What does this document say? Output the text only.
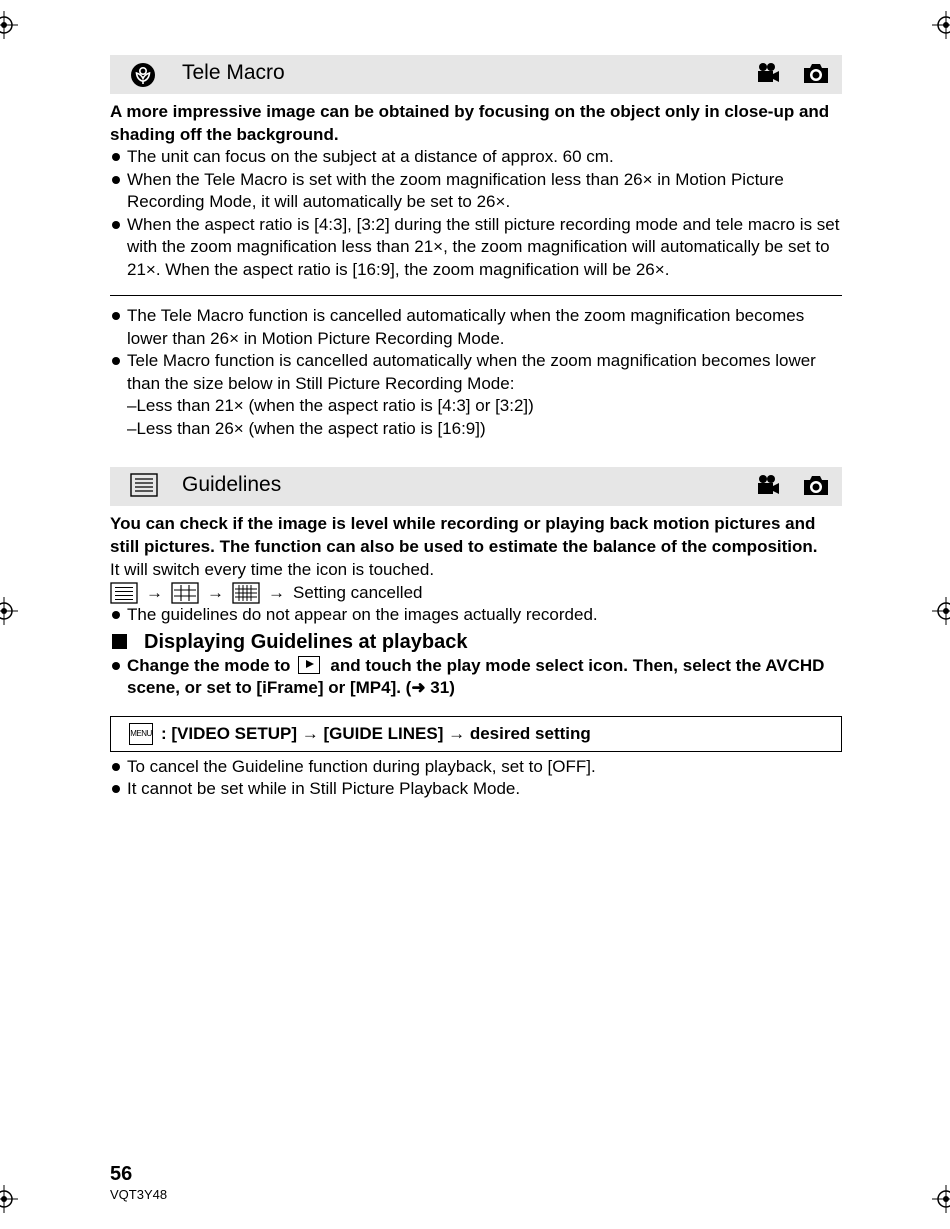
Tele Macro
A more impressive image can be obtained by focusing on the object only in close-up and shading off the background.
The unit can focus on the subject at a distance of approx. 60 cm.
When the Tele Macro is set with the zoom magnification less than 26× in Motion Picture Recording Mode, it will automatically be set to 26×.
When the aspect ratio is [4:3], [3:2] during the still picture recording mode and tele macro is set with the zoom magnification less than 21×, the zoom magnification will automatically be set to 21×. When the aspect ratio is [16:9], the zoom magnification will be 26×.
The Tele Macro function is cancelled automatically when the zoom magnification becomes lower than 26× in Motion Picture Recording Mode.
Tele Macro function is cancelled automatically when the zoom magnification becomes lower than the size below in Still Picture Recording Mode:
–Less than 21× (when the aspect ratio is [4:3] or [3:2])
–Less than 26× (when the aspect ratio is [16:9])
Guidelines
You can check if the image is level while recording or playing back motion pictures and still pictures. The function can also be used to estimate the balance of the composition.
It will switch every time the icon is touched.
→	→	→ Setting cancelled
The guidelines do not appear on the images actually recorded.
Displaying Guidelines at playback
Change the mode to and touch the play mode select icon. Then, select the AVCHD scene, or set to [iFrame] or [MP4]. (➜ 31)
MENU : [VIDEO SETUP] → [GUIDE LINES] → desired setting
To cancel the Guideline function during playback, set to [OFF].
It cannot be set while in Still Picture Playback Mode.
56
VQT3Y48
